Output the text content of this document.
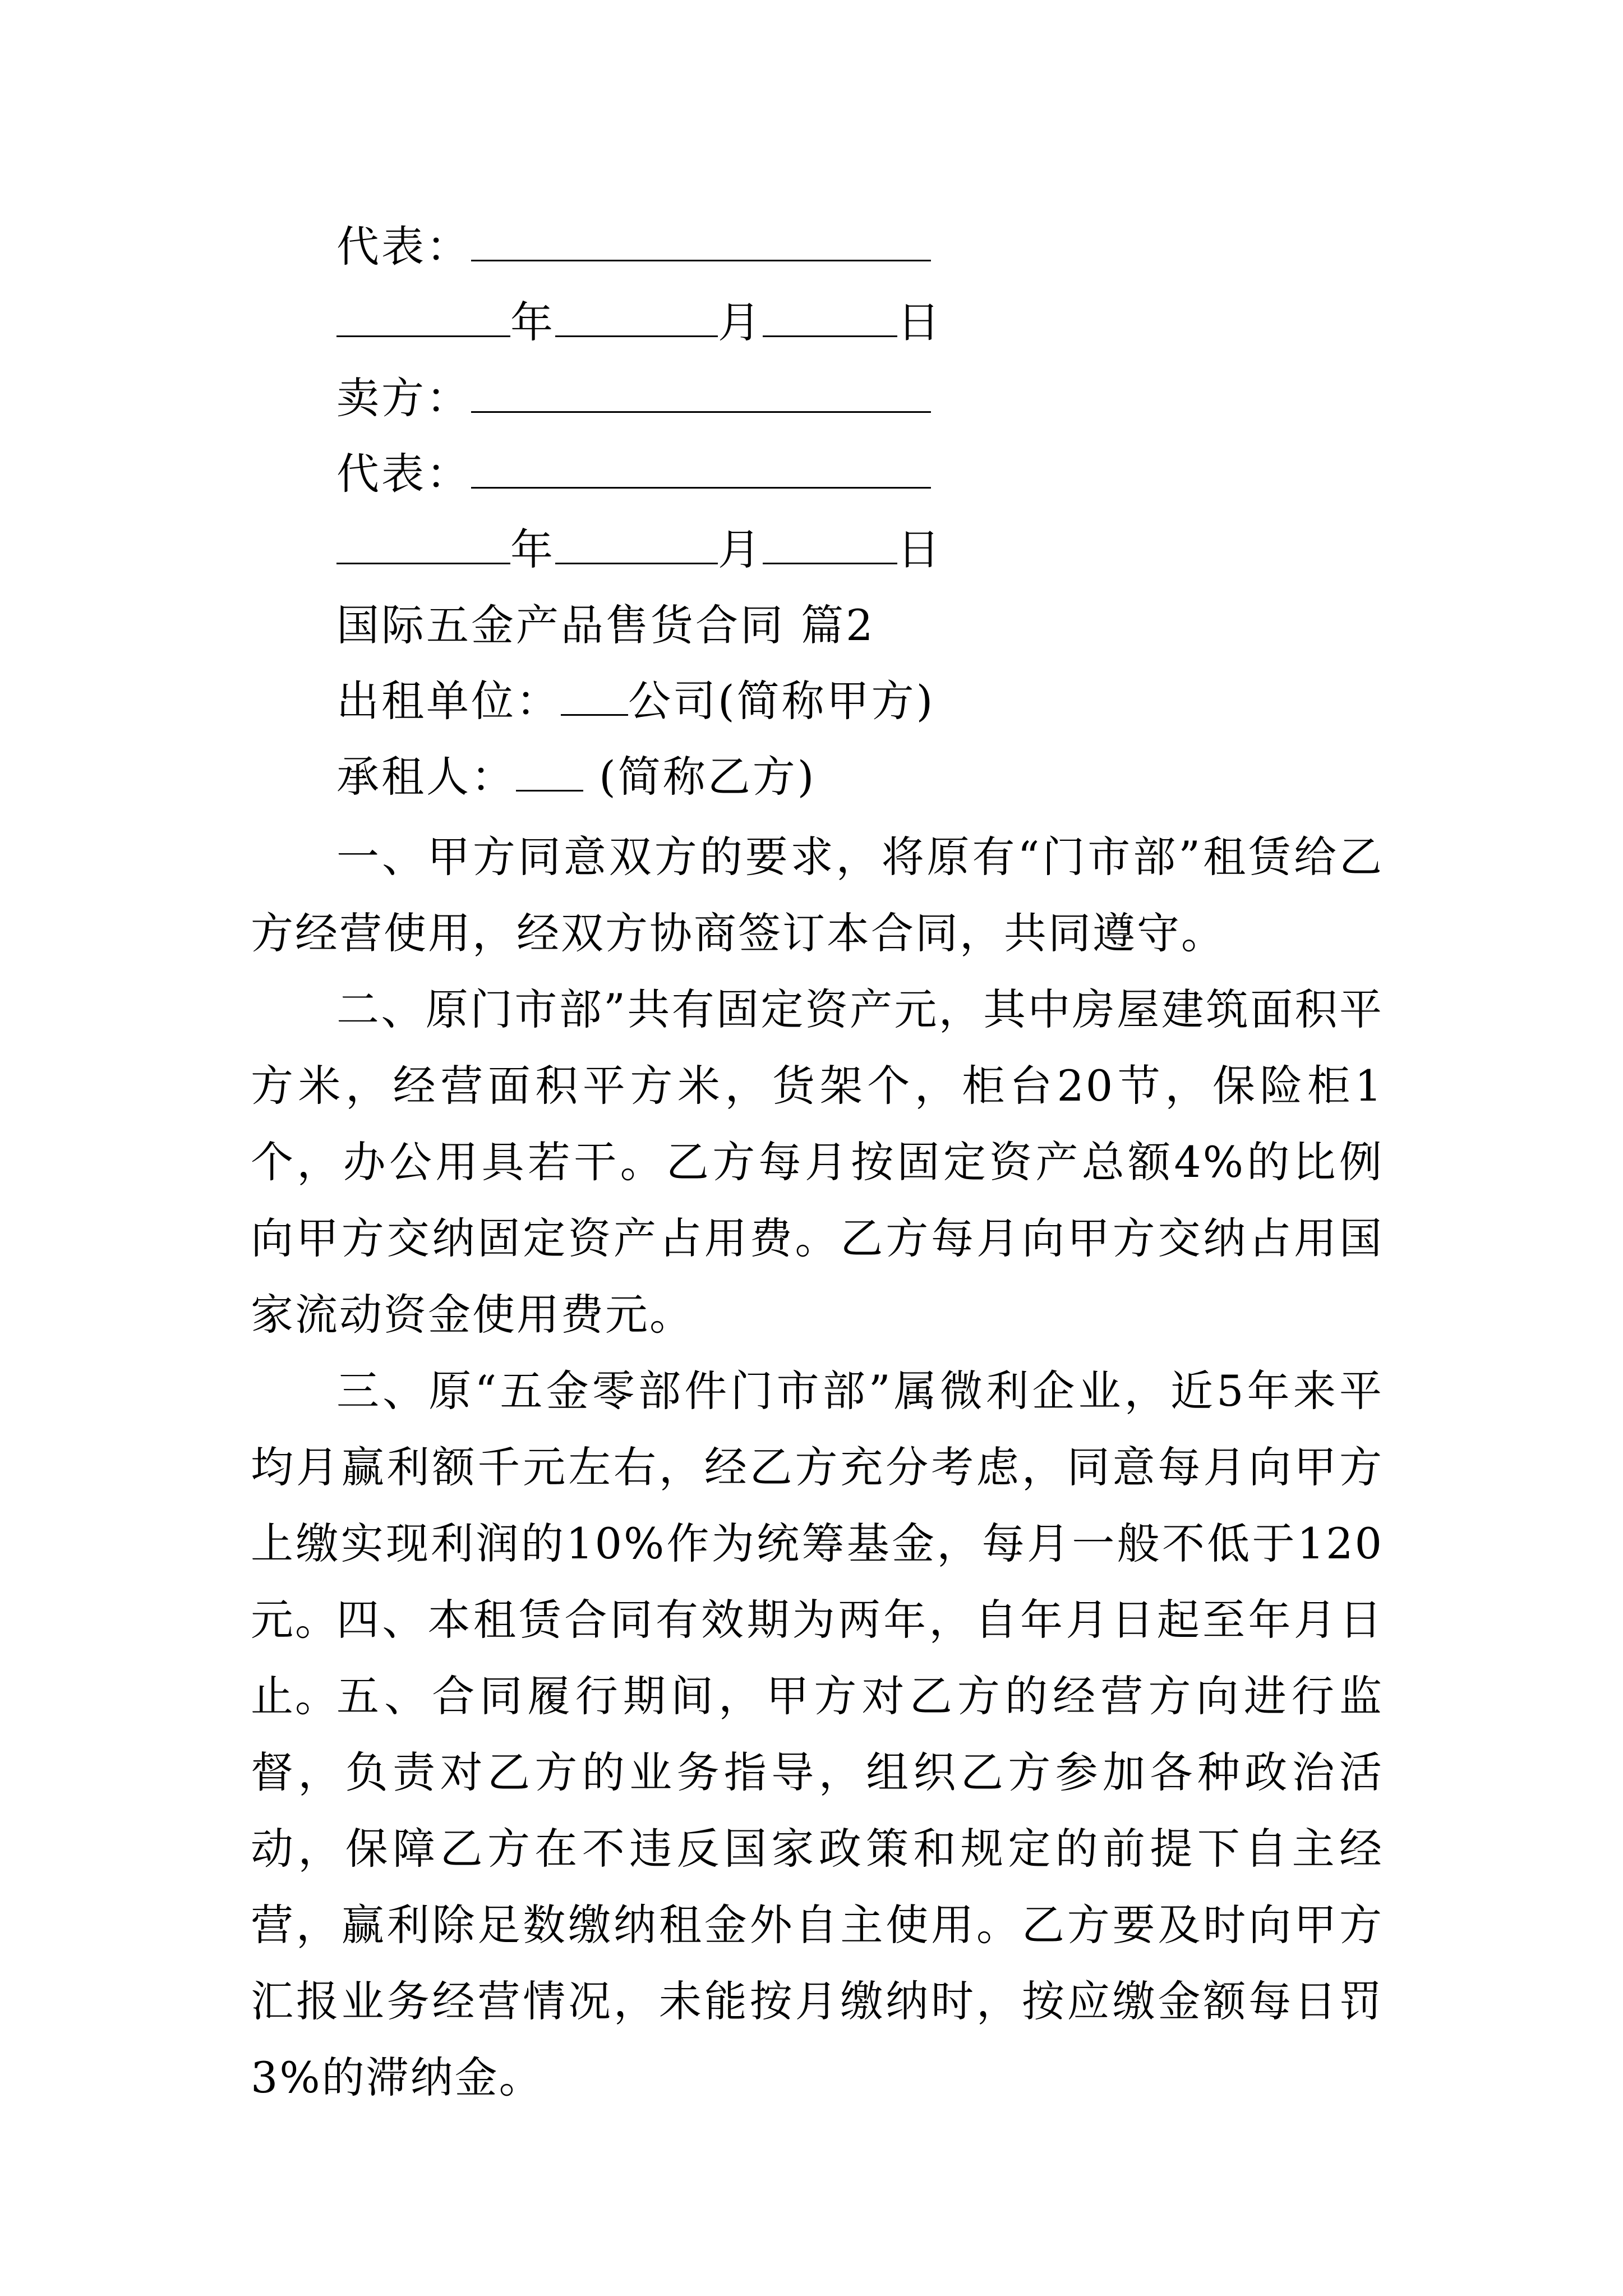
代表：
年	月	日
卖方：
代表：
年	月	日
国际五金产品售货合同 篇2
出租单位： 公司(简称甲方)
承租人： (简称乙方)
一、甲方同意双方的要求，将原有“门市部”租赁给乙方经营使用，经双方协商签订本合同，共同遵守。
二、原门市部”共有固定资产元，其中房屋建筑面积平方米，经营面积平方米，货架个，柜台20节，保险柜1个，办公用具若干。乙方每月按固定资产总额4%的比例向甲方交纳固定资产占用费。乙方每月向甲方交纳占用国家流动资金使用费元。
三、原“五金零部件门市部”属微利企业，近5年来平均月赢利额千元左右，经乙方充分考虑，同意每月向甲方上缴实现利润的10%作为统筹基金，每月一般不低于120元。
四、本租赁合同有效期为两年，自年月日起至年月日止。
五、合同履行期间，甲方对乙方的经营方向进行监督，负责对乙方的业务指导，组织乙方参加各种政治活动，保障乙方在不违反国家政策和规定的前提下自主经营，赢利除足数缴纳租金外自主使用。乙方要及时向甲方汇报业务经营情况，未能按月缴纳时，按应缴金额每日罚3%的滞纳金。
